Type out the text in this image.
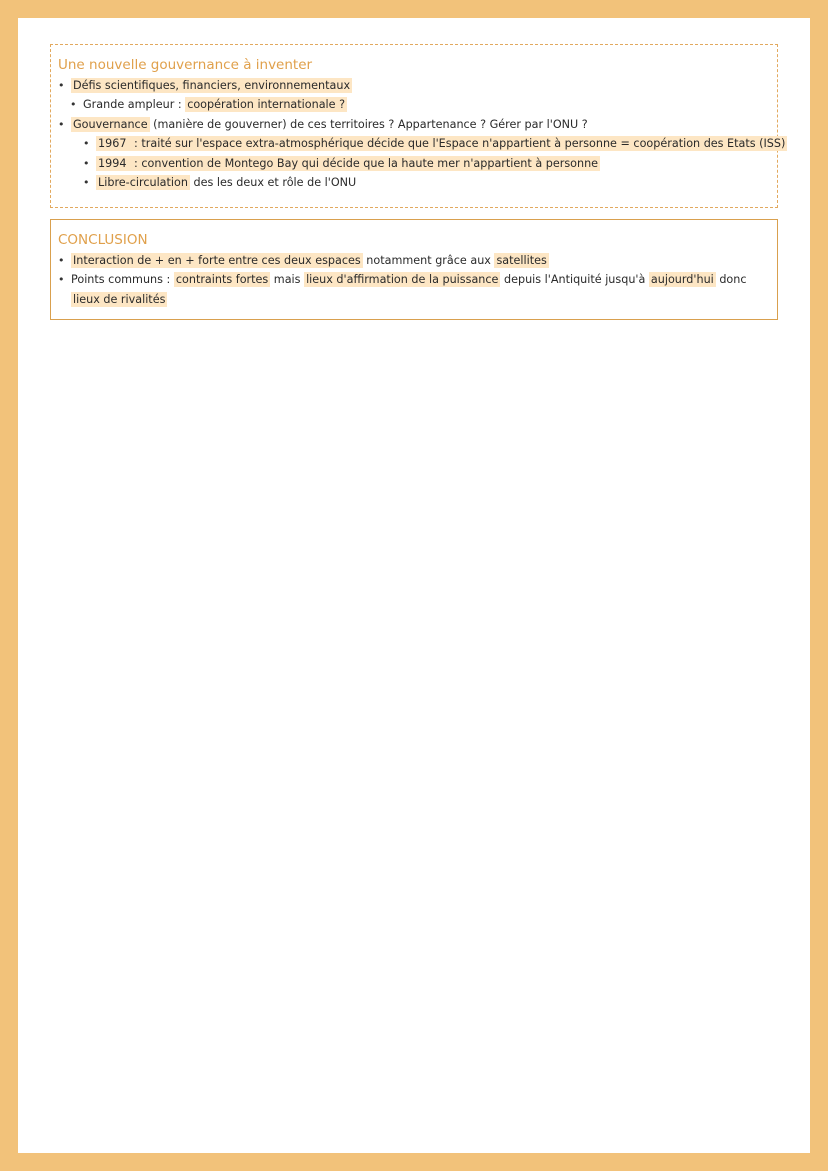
Une nouvelle gouvernance à inventer
• Défis scientifiques, financiers, environnementaux
• Grande ampleur : coopération internationale ?
• Gouvernance (manière de gouverner) de ces territoires ? Appartenance ? Gérer par l'ONU ?
• 1967 : traité sur l'espace extra-atmosphérique décide que l'Espace n'appartient à personne = coopération des Etats (ISS)
• 1994 : convention de Montego Bay qui décide que la haute mer n'appartient à personne
• Libre-circulation des les deux et rôle de l'ONU
CONCLUSION
• Interaction de + en + forte entre ces deux espaces notamment grâce aux satellites
• Points communs : contraints fortes mais lieux d'affirmation de la puissance depuis l'Antiquité jusqu'à aujourd'hui donc lieux de rivalités
